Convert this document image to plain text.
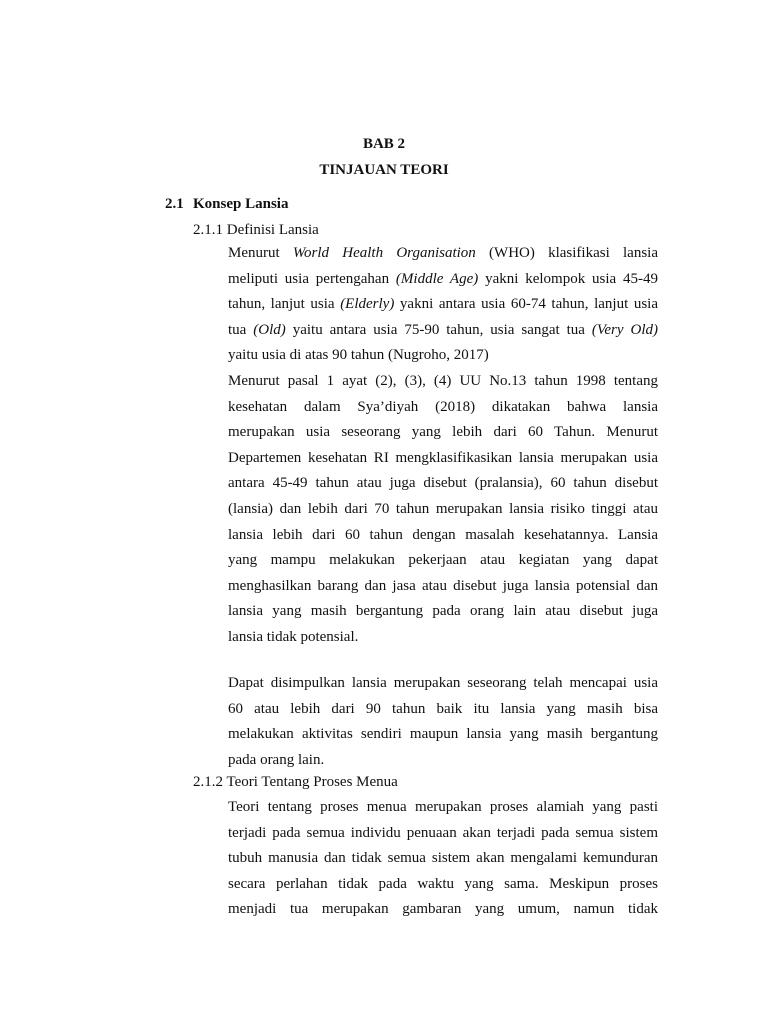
BAB 2
TINJAUAN TEORI
2.1 Konsep Lansia
2.1.1 Definisi Lansia
Menurut World Health Organisation (WHO) klasifikasi lansia
meliputi usia pertengahan (Middle Age) yakni kelompok usia 45-49
tahun, lanjut usia (Elderly) yakni antara usia 60-74 tahun, lanjut usia
tua (Old) yaitu antara usia 75-90 tahun, usia sangat tua (Very Old)
yaitu usia di atas 90 tahun (Nugroho, 2017)
Menurut pasal 1 ayat (2), (3), (4) UU No.13 tahun 1998 tentang
kesehatan dalam Sya’diyah (2018) dikatakan bahwa lansia
merupakan usia seseorang yang lebih dari 60 Tahun. Menurut
Departemen kesehatan RI mengklasifikasikan lansia merupakan usia
antara 45-49 tahun atau juga disebut (pralansia), 60 tahun disebut
(lansia) dan lebih dari 70 tahun merupakan lansia risiko tinggi atau
lansia lebih dari 60 tahun dengan masalah kesehatannya. Lansia
yang mampu melakukan pekerjaan atau kegiatan yang dapat
menghasilkan barang dan jasa atau disebut juga lansia potensial dan
lansia yang masih bergantung pada orang lain atau disebut juga
lansia tidak potensial.
Dapat disimpulkan lansia merupakan seseorang telah mencapai usia
60 atau lebih dari 90 tahun baik itu lansia yang masih bisa
melakukan aktivitas sendiri maupun lansia yang masih bergantung
pada orang lain.
2.1.2 Teori Tentang Proses Menua
Teori tentang proses menua merupakan proses alamiah yang pasti
terjadi pada semua individu penuaan akan terjadi pada semua sistem
tubuh manusia dan tidak semua sistem akan mengalami kemunduran
secara perlahan tidak pada waktu yang sama. Meskipun proses
menjadi tua merupakan gambaran yang umum, namun tidak
